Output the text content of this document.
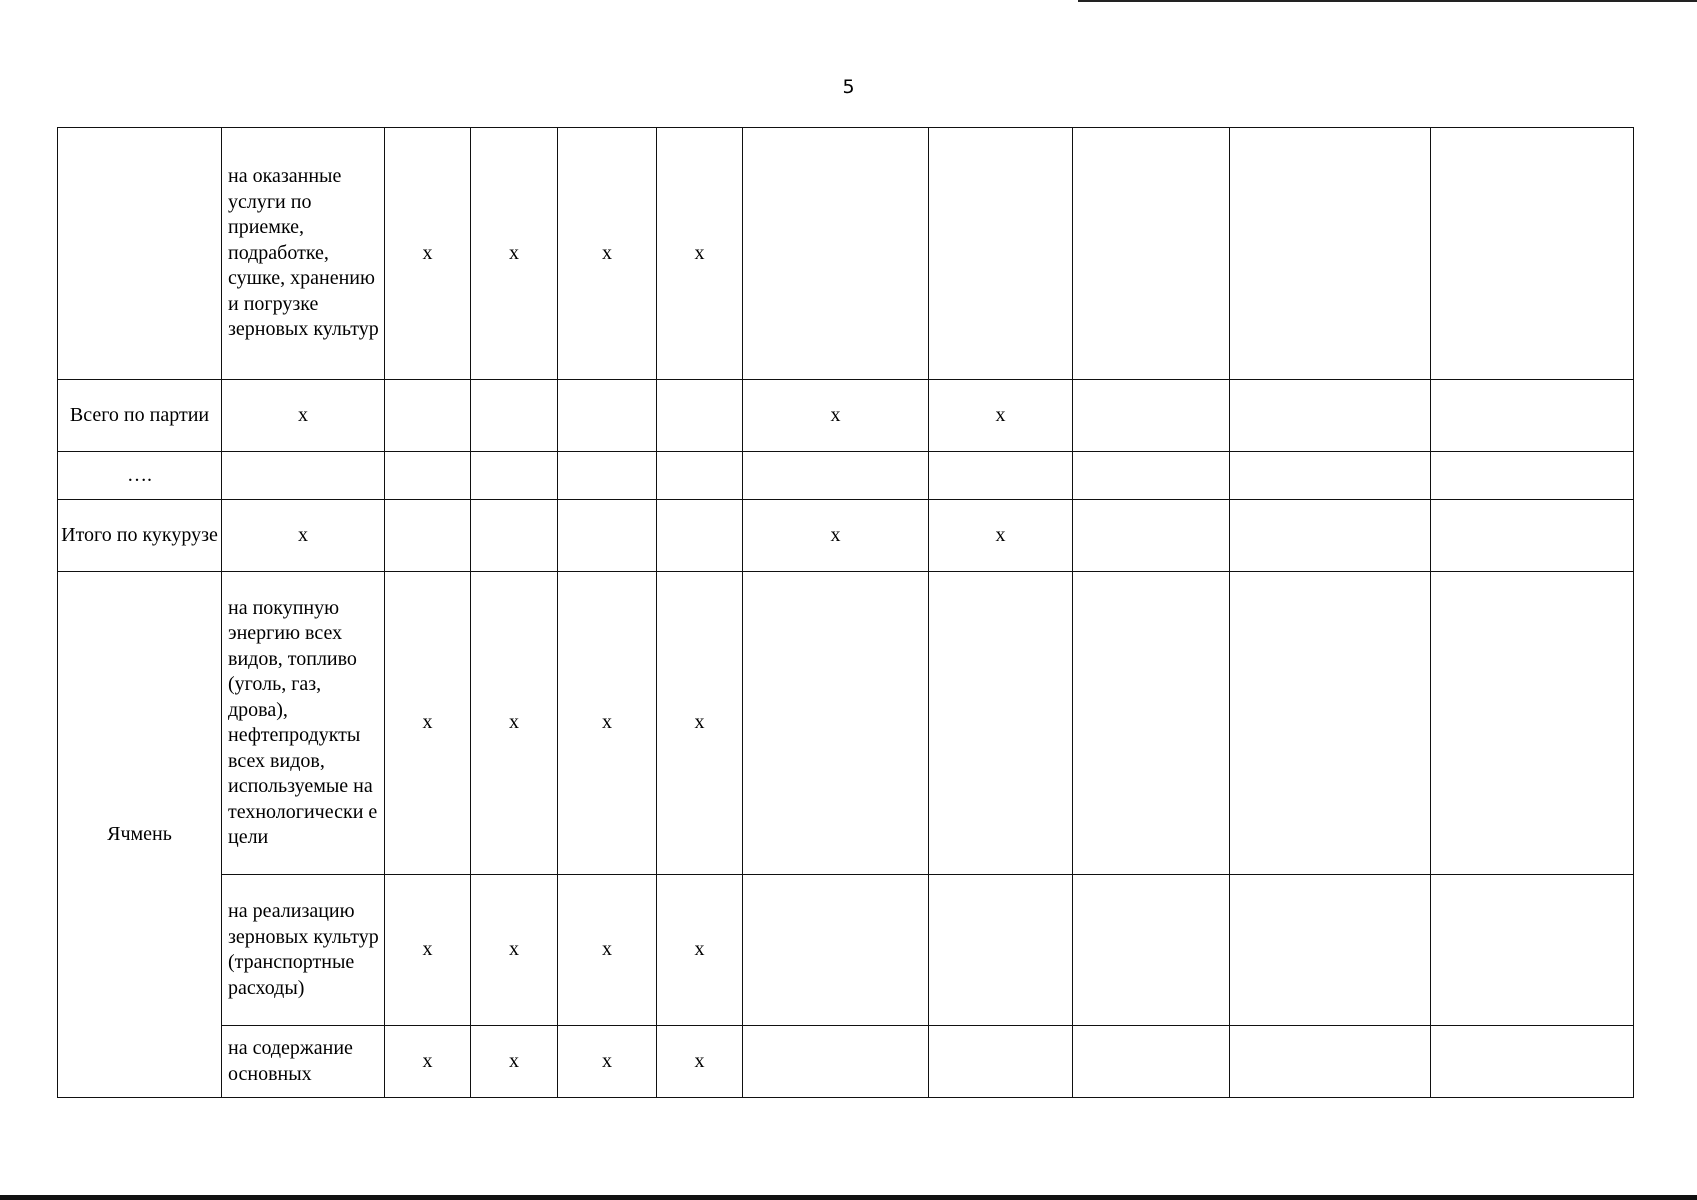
5
	на оказанные услуги по приемке, подработке, сушке, хранению и погрузке зерновых культур	x	x	x	x					
Всего по партии	x					x	x			
….										
Итого по кукурузе	x					x	x			
Ячмень	на покупную энергию всех видов, топливо (уголь, газ, дрова), нефтепродукты всех видов, используемые на технологически е цели	x	x	x	x					
	на реализацию зерновых культур (транспортные расходы)	x	x	x	x					
	на содержание основных	x	x	x	x					
